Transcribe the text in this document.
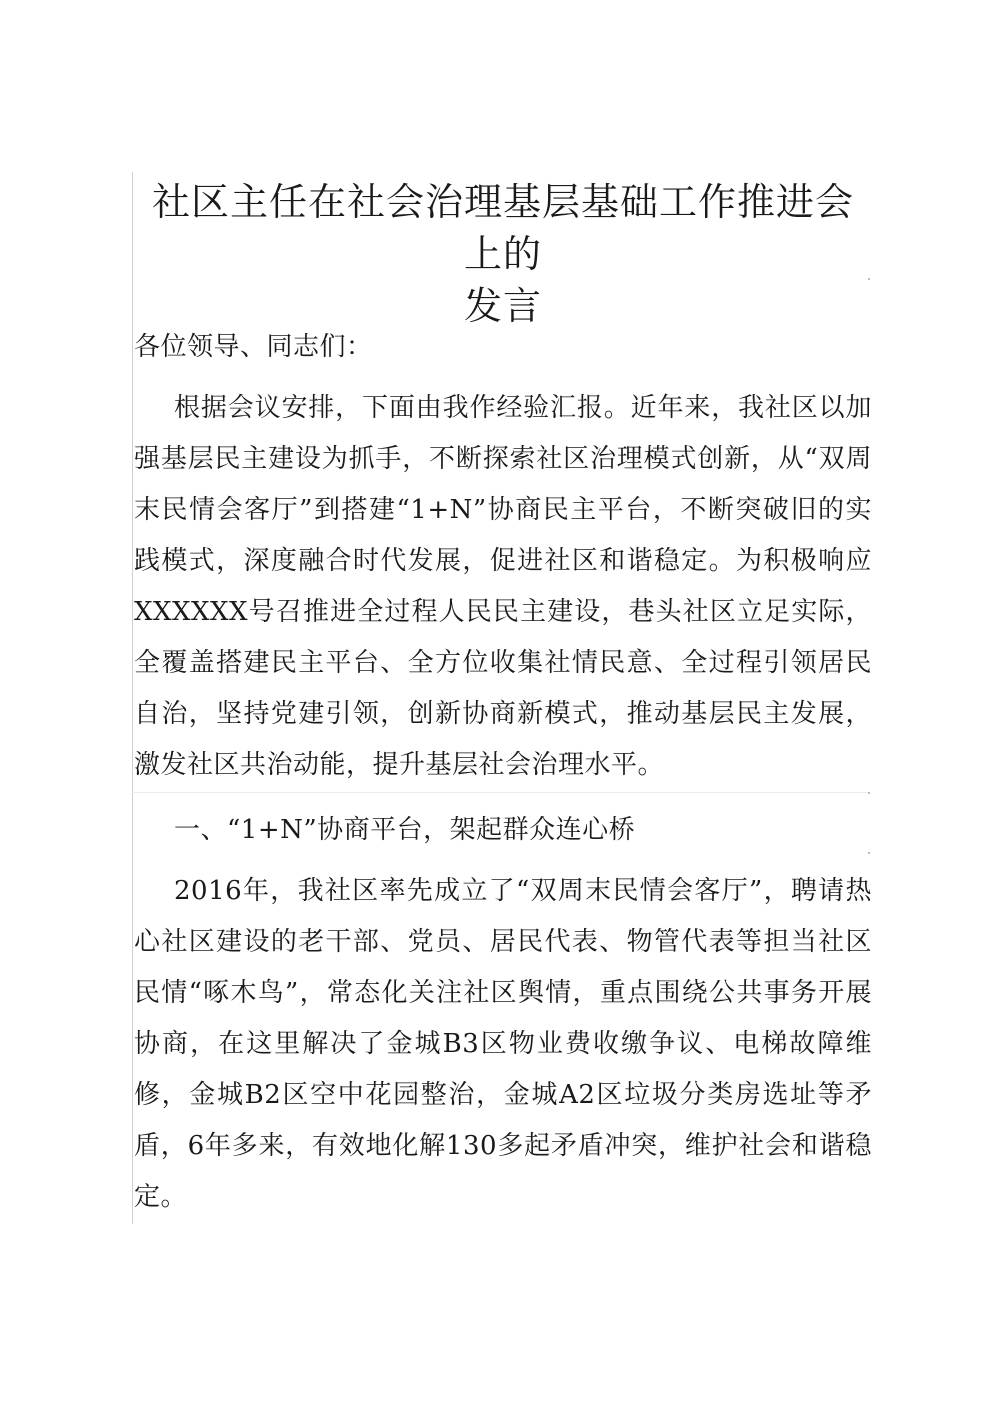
社区主任在社会治理基层基础工作推进会上的
发言

各位领导、同志们：

根据会议安排，下面由我作经验汇报。近年来，我社区以加强基层民主建设为抓手，不断探索社区治理模式创新，从“双周末民情会客厅”到搭建“1+N”协商民主平台，不断突破旧的实践模式，深度融合时代发展，促进社区和谐稳定。为积极响应XXXXXX号召推进全过程人民民主建设，巷头社区立足实际，全覆盖搭建民主平台、全方位收集社情民意、全过程引领居民自治，坚持党建引领，创新协商新模式，推动基层民主发展，激发社区共治动能，提升基层社会治理水平。

一、“1+N”协商平台，架起群众连心桥

2016年，我社区率先成立了“双周末民情会客厅”，聘请热心社区建设的老干部、党员、居民代表、物管代表等担当社区民情“啄木鸟”，常态化关注社区舆情，重点围绕公共事务开展协商，在这里解决了金城B3区物业费收缴争议、电梯故障维修，金城B2区空中花园整治，金城A2区垃圾分类房选址等矛盾，6年多来，有效地化解130多起矛盾冲突，维护社会和谐稳定。
